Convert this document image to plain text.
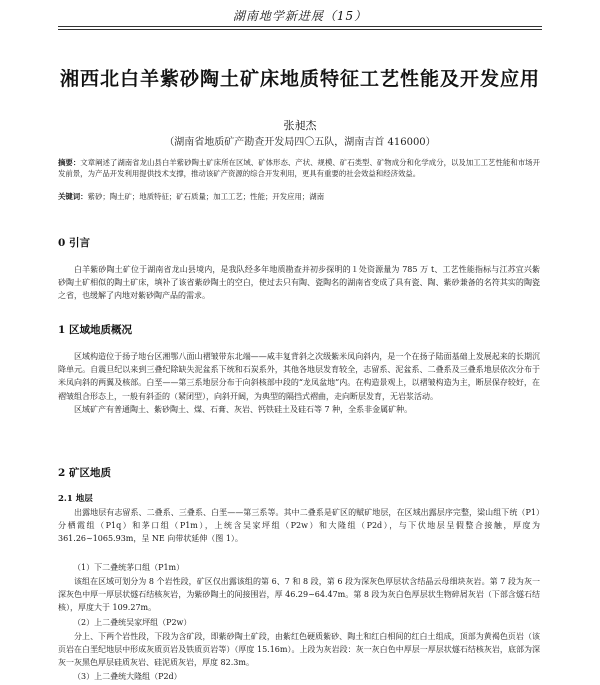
湖南地学新进展（15）
湘西北白羊紫砂陶土矿床地质特征工艺性能及开发应用
张昶杰
（湖南省地质矿产勘查开发局四〇五队，湖南吉首 416000）
摘要：文章阐述了湖南省龙山县白羊紫砂陶土矿床所在区域、矿体形态、产状、规模、矿石类型、矿物成分和化学成分，以及加工工艺性能和市场开发前景，为产品开发利用提供技术支撑，推动该矿产资源的综合开发利用，更具有重要的社会效益和经济效益。
关键词：紫砂；陶土矿；地质特征；矿石质量；加工工艺；性能；开发应用；湖南
0 引言

白羊紫砂陶土矿位于湖南省龙山县境内，是我队经多年地质勘查并初步探明的１处资源量为 785 万 t、工艺性能指标与江苏宜兴紫砂陶土矿相似的陶土矿床，填补了该省紫砂陶土的空白，使过去只有陶、瓷陶名的湖南省变成了具有瓷、陶、紫砂兼备的名符其实的陶瓷之省，也缓解了内地对紫砂陶产品的需求。

1 区域地质概况

区域构造位于扬子地台区湘鄂八面山褶皱带东北端——咸丰复背斜之次级紫米凤向斜内，是一个在扬子陆面基础上发展起来的长期沉降单元。自震旦纪以来到三叠纪除缺失泥盆系下统和石炭系外，其他各地层发育较全，志留系、泥盆系、二叠系及三叠系地层依次分布于米凤向斜的两翼及核部。白垩——第三系地层分布于向斜核部中段的“龙凤盆地”内。在构造景观上，以褶皱构造为主，断层保存较好，在褶皱组合形态上，一般有斜歪的（紧闭型），向斜开阔，为典型的隔挡式褶曲，走向断层发育，无岩浆活动。

区域矿产有普通陶土、紫砂陶土、煤、石膏、灰岩、钙铁硅土及硅石等 7 种，全系非金属矿种。

2 矿区地质
2.1 地层

出露地层有志留系、二叠系、三叠系、白垩——第三系等。其中二叠系是矿区的赋矿地层，在区域出露层序完整，梁山组下统（P1）分栖霞组（P1q）和茅口组（P1m），上统含吴家坪组（P2w）和大隆组（P2d），与下伏地层呈假整合接触，厚度为 361.26~1065.93m，呈 NE 向带状延伸（图 1）。

（1）下二叠统茅口组（P1m）

该组在区域可划分为 8 个岩性段，矿区仅出露该组的第 6、7 和 8 段，第 6 段为深灰色厚层状含结晶云母细块灰岩。第 7 段为灰一深灰色中厚一厚层状燧石结核灰岩，为紫砂陶土的间接围岩，厚 46.29~64.47m。第 8 段为灰白色厚层状生物碎屑灰岩（下部含燧石结核），厚度大于 109.27m。

（2）上二叠统吴家坪组（P2w）

分上、下两个岩性段，下段为含矿段，即紫砂陶土矿段，由紫红色硬质紫砂、陶土和红白相间的红白土组成，顶部为黄褐色页岩（该页岩在白垩纪地层中形成灰质页岩及铁质页岩等）（厚度 15.16m）。上段为灰岩段：灰一灰白色中厚层一厚层状燧石结核灰岩，底部为深灰一灰黑色厚层硅质灰岩、硅泥质灰岩，厚度 82.3m。

（3）上二叠统大隆组（P2d）
